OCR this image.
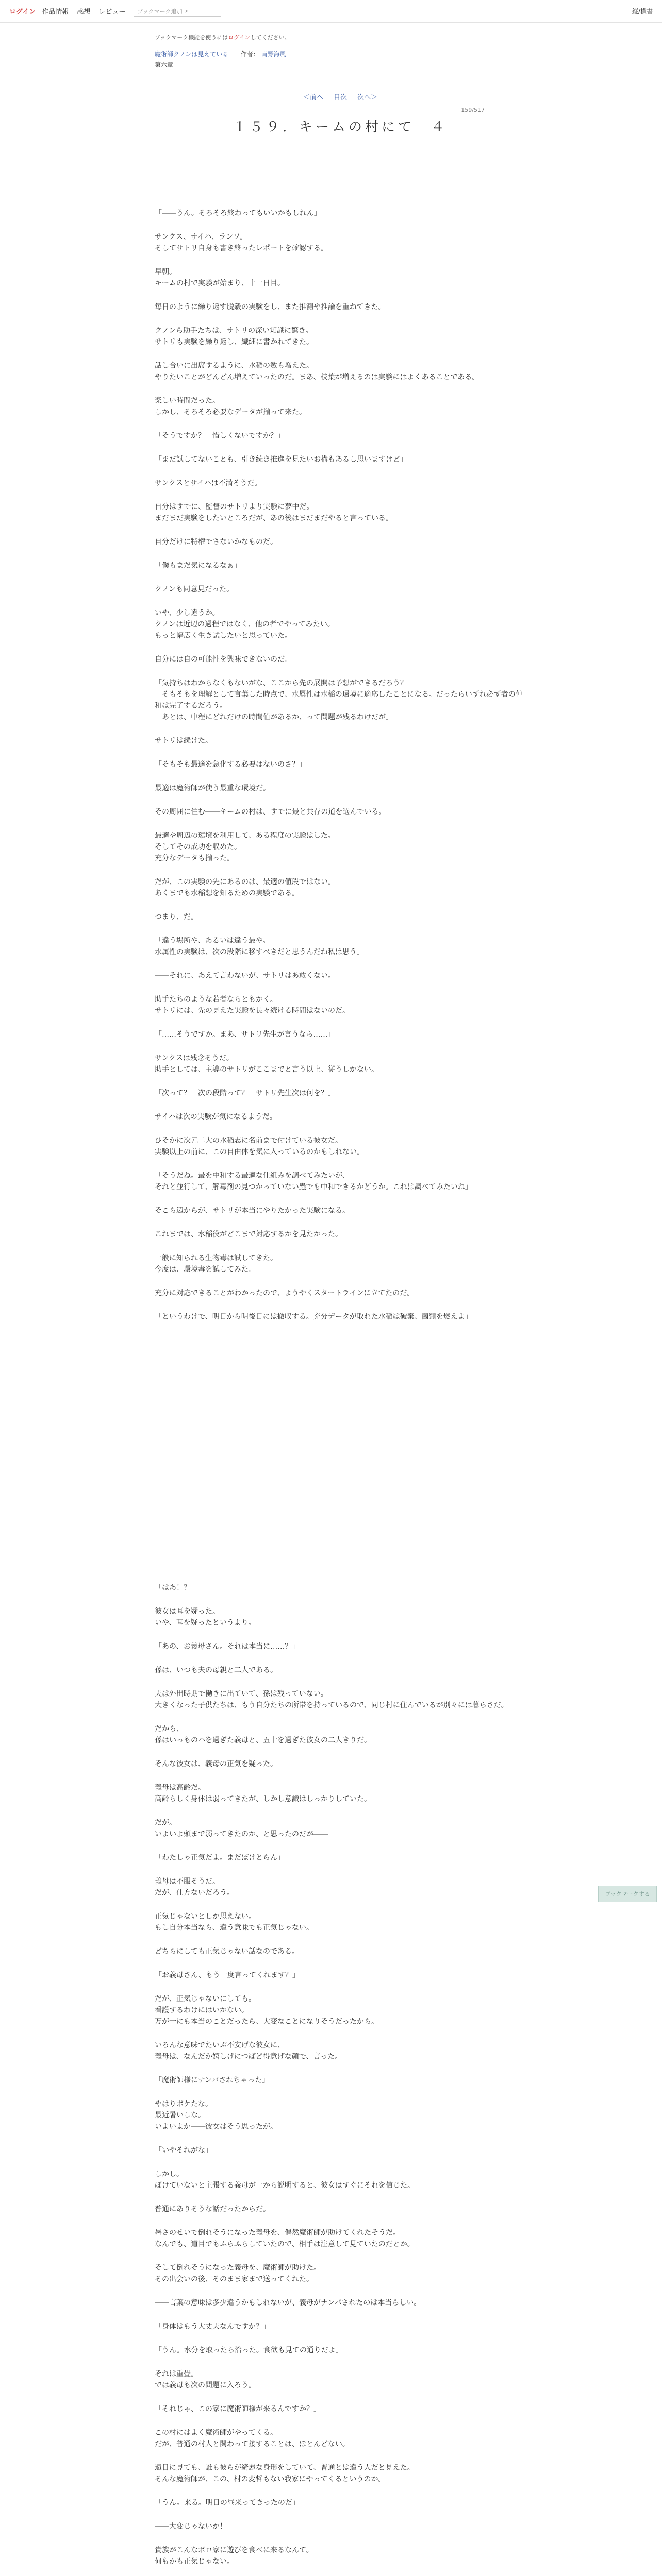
ログイン 作品情報 感想 レビュー ブックマーク追加 ⌕	縦/横書
ブックマーク機能を使うにはログインしてください。
魔術師クノンは見えている 作者： 南野海風
第六章
＜前へ 目次 次へ＞
159/517
１５９．キームの村にて　４

「――うん。そろそろ終わってもいいかもしれん」

サンクス、サイハ、ランソ。
そしてサトリ自身も書き終ったレポートを確認する。

早朝。
キームの村で実験が始まり、十一日目。

毎日のように繰り返す脱穀の実験をし、また推測や推論を重ねてきた。

クノンら助手たちは、サトリの深い知識に驚き。
サトリも実験を繰り返し、繊細に書かれてきた。

話し合いに出席するように、水稲の数も増えた。
やりたいことがどんどん増えていったのだ。まあ、枝葉が増えるのは実験にはよくあることである。

楽しい時間だった。
しかし、そろそろ必要なデータが揃って来た。

「そうですか？　惜しくないですか？」

「まだ試してないことも、引き続き推進を見たいお構もあるし思いますけど」

サンクスとサイハは不満そうだ。

自分はすでに、監督のサトリより実験に夢中だ。
まだまだ実験をしたいところだが、あの後はまだまだやると言っている。

自分だけに特権でさないかなものだ。

「僕もまだ気になるなぁ」

クノンも同意見だった。

いや、少し違うか。
クノンは近辺の過程ではなく、他の者でやってみたい。
もっと幅広く生き試したいと思っていた。

自分には自の可能性を興味できないのだ。

「気持ちはわからなくもないがな、ここから先の展開は予想ができるだろう？
　そもそもを理解として言葉した時点で、水属性は水稲の環境に適応したことになる。だったらいずれ必ず者の仲和は完了するだろう。
　あとは、中程にどれだけの時間値があるか、って問題が残るわけだが」

サトリは続けた。

「そもそも最適を急化する必要はないのさ？」

最適は魔術師が使う最重な環境だ。

その周囲に住む――キームの村は、すでに最と共存の道を選んでいる。

最適や周辺の環境を利用して、ある程度の実験はした。
そしてその成功を収めた。
充分なデータも揃った。

だが、この実験の先にあるのは、最適の値段ではない。
あくまでも水稲想を知るための実験である。

つまり、だ。

「違う場所や、あるいは違う最や。
水属性の実験は、次の段階に移すべきだと思うんだね私は思う」

――それに、あえて言わないが、サトリはあ敢くない。

助手たちのような若者ならともかく。
サトリには、先の見えた実験を長々続ける時間はないのだ。

「……そうですか。まあ、サトリ先生が言うなら……」

サンクスは残念そうだ。
助手としては、主導のサトリがここまでと言う以上、従うしかない。

「次って？　次の段階って？　サトリ先生次は何を？」

サイハは次の実験が気になるようだ。

ひそかに次元二大の水稲志に名前まで付けている彼女だ。
実験以上の前に、この自由体を気に入っているのかもしれない。

「そうだね。最を中和する最適な仕組みを調べてみたいが、
それと並行して、解毒剤の見つかっていない蟲でも中和できるかどうか。これは調べてみたいね」

そこら辺からが、サトリが本当にやりたかった実験になる。

これまでは、水稲役がどこまで対応するかを見たかった。

一般に知られる生物毒は試してきた。
今度は、環境毒を試してみた。

充分に対応できることがわかったので、ようやくスタートラインに立てたのだ。

「というわけで、明日から明後日には撤収する。充分データが取れた水稲は破棄、菌類を燃えよ」

「はあ！？」

彼女は耳を疑った。
いや、耳を疑ったというより。

「あの、お義母さん。それは本当に……？」

孫は、いつも夫の母親と二人である。

夫は外出時期で働きに出ていて、孫は残っていない。
大きくなった子供たちは、もう自分たちの所帯を持っているので、同じ村に住んでいるが別々には暮らさだ。

だから、
孫はいっものハを過ぎた義母と、五十を過ぎた彼女の二人きりだ。

そんな彼女は、義母の正気を疑った。

義母は高齢だ。
高齢らしく身体は弱ってきたが、しかし意識はしっかりしていた。

だが。
いよいよ頭まで弱ってきたのか、と思ったのだが――

「わたしゃ正気だよ。まだぼけとらん」

義母は不服そうだ。
だが、仕方ないだろう。

正気じゃないとしか思えない。
もし自分本当なら、違う意味でも正気じゃない。

どちらにしても正気じゃない話なのである。

「お義母さん、もう一度言ってくれます？」

だが、正気じゃないにしても。
看護するわけにはいかない。
万が一にも本当のことだったら、大変なことになりそうだったから。

いろんな意味でたいぶ不安げな彼女に、
義母は、なんだか嬉しげにつばど得意げな顔で、言った。

「魔術師様にナンパされちゃった」

やはりボケたな。
最近暑いしな。
いよいよか――彼女はそう思ったが。

「いやそれがな」

しかし。
ぼけていないと主張する義母が一から説明すると、彼女はすぐにそれを信じた。

普通にありそうな話だったからだ。

暑さのせいで倒れそうになった義母を、偶然魔術師が助けてくれたそうだ。
なんでも、道目でもふらふらしていたので、相手は注意して見ていたのだとか。

そして倒れそうになった義母を、魔術師が助けた。
その出会いの後、そのまま家まで送ってくれた。

――言葉の意味は多少違うかもしれないが、義母がナンパされたのは本当らしい。

「身体はもう大丈夫なんですか？」

「うん。水分を取ったら治った。食欲も見ての通りだよ」

それは重畳。
では義母も次の問題に入ろう。

「それじゃ、この家に魔術師様が来るんですか？」

この村にはよく魔術師がやってくる。
だが、普通の村人と関わって接することは、ほとんどない。

遠目に見ても、誰も彼らが綺麗な身形をしていて、普通とは違う人だと見えた。
そんな魔術師が、この、村の変哲もない我家にやってくるというのか。

「うん。来る。明日の昼来ってきったのだ」

――大変じゃないか！

貴族がこんなボロ家に遊びを食べに来るなんて。
何もかも正気じゃない。

ブックマークする
